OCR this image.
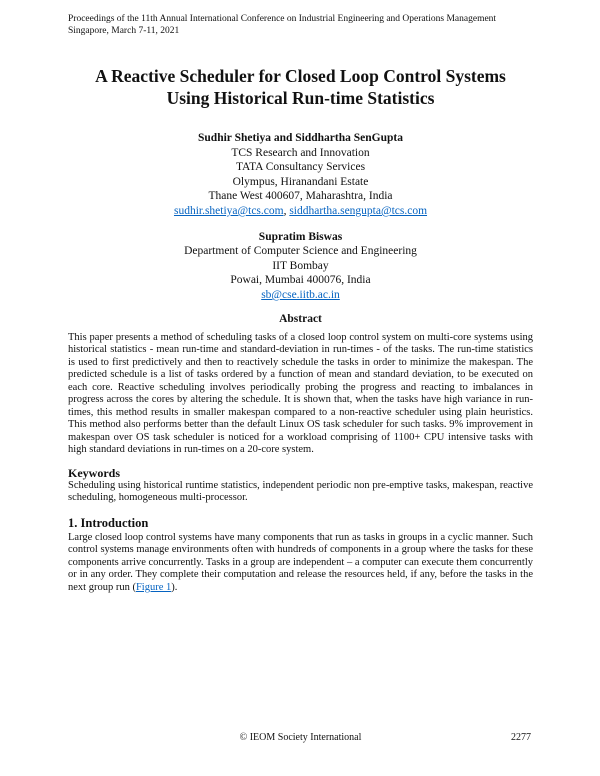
Proceedings of the 11th Annual International Conference on Industrial Engineering and Operations Management
Singapore, March 7-11, 2021
A Reactive Scheduler for Closed Loop Control Systems
Using Historical Run-time Statistics
Sudhir Shetiya and Siddhartha SenGupta
TCS Research and Innovation
TATA Consultancy Services
Olympus, Hiranandani Estate
Thane West 400607, Maharashtra, India
sudhir.shetiya@tcs.com, siddhartha.sengupta@tcs.com
Supratim Biswas
Department of Computer Science and Engineering
IIT Bombay
Powai, Mumbai 400076, India
sb@cse.iitb.ac.in
Abstract

This paper presents a method of scheduling tasks of a closed loop control system on multi-core systems using historical statistics - mean run-time and standard-deviation in run-times - of the tasks. The run-time statistics is used to first predictively and then to reactively schedule the tasks in order to minimize the makespan. The predicted schedule is a list of tasks ordered by a function of mean and standard deviation, to be executed on each core. Reactive scheduling involves periodically probing the progress and reacting to imbalances in progress across the cores by altering the schedule. It is shown that, when the tasks have high variance in run-times, this method results in smaller makespan compared to a non-reactive scheduler using plain heuristics. This method also performs better than the default Linux OS task scheduler for such tasks. 9% improvement in makespan over OS task scheduler is noticed for a workload comprising of 1100+ CPU intensive tasks with high standard deviations in run-times on a 20-core system.

Keywords

Scheduling using historical runtime statistics, independent periodic non pre-emptive tasks, makespan, reactive scheduling, homogeneous multi-processor.

1. Introduction

Large closed loop control systems have many components that run as tasks in groups in a cyclic manner. Such control systems manage environments often with hundreds of components in a group where the tasks for these components arrive concurrently. Tasks in a group are independent – a computer can execute them concurrently or in any order. They complete their computation and release the resources held, if any, before the tasks in the next group run (Figure 1).

© IEOM Society International	2277
